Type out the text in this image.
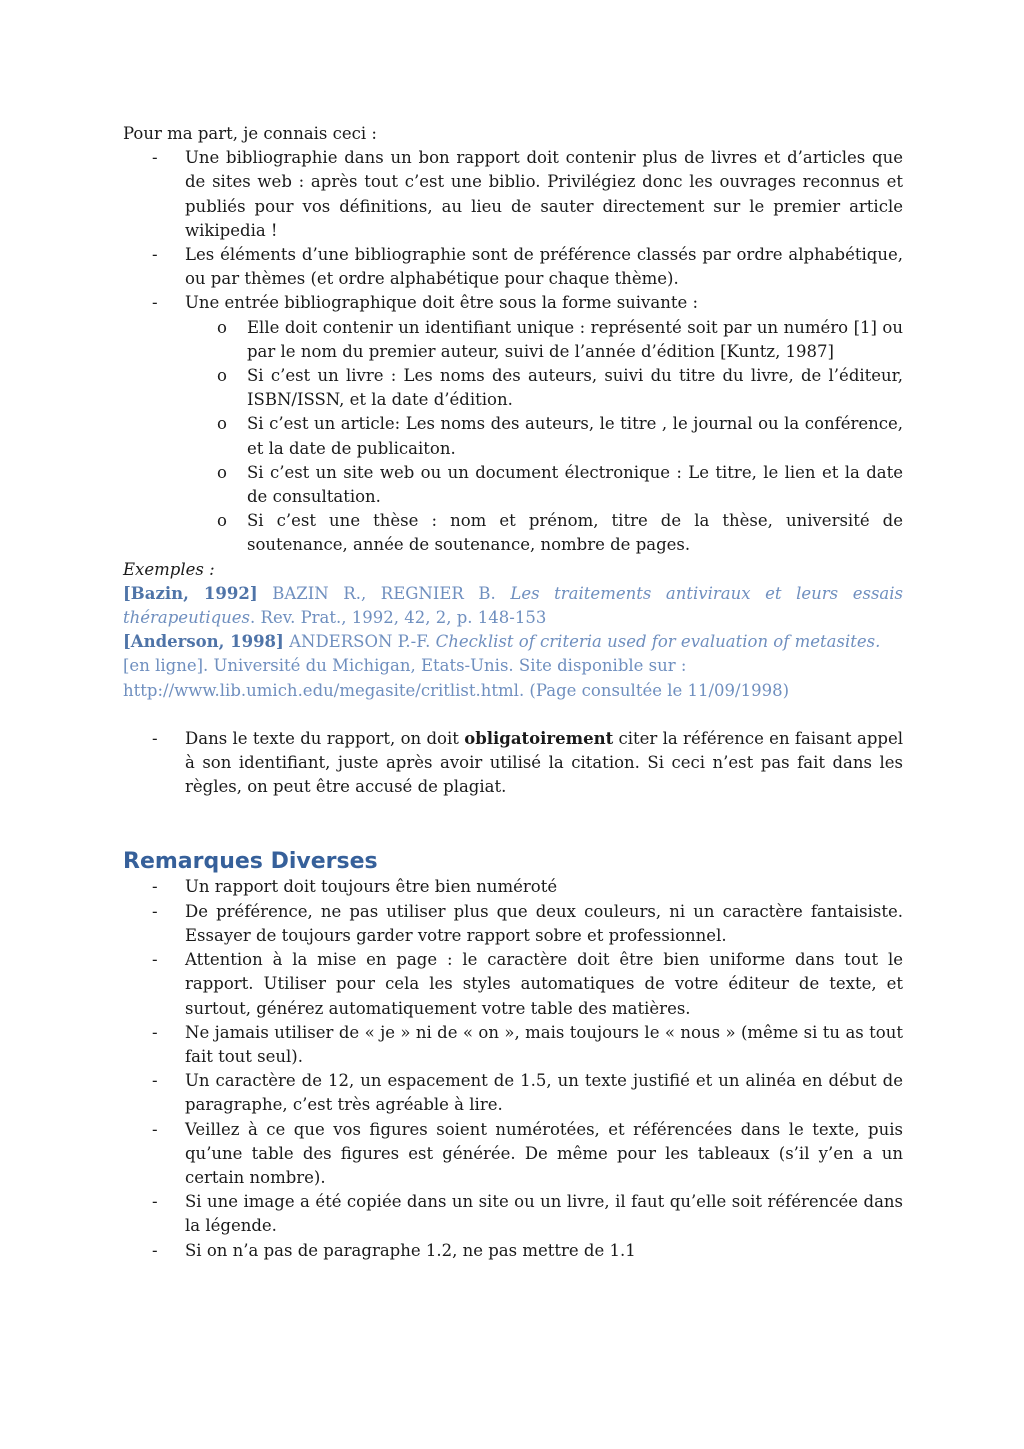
Pour ma part, je connais ceci :

- Une bibliographie dans un bon rapport doit contenir plus de livres et d’articles que de sites web : après tout c’est une biblio. Privilégiez donc les ouvrages reconnus et publiés pour vos définitions, au lieu de sauter directement sur le premier article wikipedia !
- Les éléments d’une bibliographie sont de préférence classés par ordre alphabétique, ou par thèmes (et ordre alphabétique pour chaque thème).
- Une entrée bibliographique doit être sous la forme suivante :
o Elle doit contenir un identifiant unique : représenté soit par un numéro [1] ou par le nom du premier auteur, suivi de l’année d’édition [Kuntz, 1987]
o Si c’est un livre : Les noms des auteurs, suivi du titre du livre, de l’éditeur, ISBN/ISSN, et la date d’édition.
o Si c’est un article: Les noms des auteurs, le titre , le journal ou la conférence, et la date de publicaiton.
o Si c’est un site web ou un document électronique : Le titre, le lien et la date de consultation.
o Si c’est une thèse : nom et prénom, titre de la thèse, université de soutenance, année de soutenance, nombre de pages.

Exemples :

[Bazin, 1992] BAZIN R., REGNIER B. Les traitements antiviraux et leurs essais thérapeutiques. Rev. Prat., 1992, 42, 2, p. 148-153

[Anderson, 1998] ANDERSON P.-F. Checklist of criteria used for evaluation of metasites.

[en ligne]. Université du Michigan, Etats-Unis. Site disponible sur :

http://www.lib.umich.edu/megasite/critlist.html. (Page consultée le 11/09/1998)

- Dans le texte du rapport, on doit obligatoirement citer la référence en faisant appel à son identifiant, juste après avoir utilisé la citation. Si ceci n’est pas fait dans les règles, on peut être accusé de plagiat.
Remarques Diverses
- Un rapport doit toujours être bien numéroté
- De préférence, ne pas utiliser plus que deux couleurs, ni un caractère fantaisiste. Essayer de toujours garder votre rapport sobre et professionnel.
- Attention à la mise en page : le caractère doit être bien uniforme dans tout le rapport. Utiliser pour cela les styles automatiques de votre éditeur de texte, et surtout, générez automatiquement votre table des matières.
- Ne jamais utiliser de « je » ni de « on », mais toujours le « nous » (même si tu as tout fait tout seul).
- Un caractère de 12, un espacement de 1.5, un texte justifié et un alinéa en début de paragraphe, c’est très agréable à lire.
- Veillez à ce que vos figures soient numérotées, et référencées dans le texte, puis qu’une table des figures est générée. De même pour les tableaux (s’il y’en a un certain nombre).
- Si une image a été copiée dans un site ou un livre, il faut qu’elle soit référencée dans la légende.
- Si on n’a pas de paragraphe 1.2, ne pas mettre de 1.1
